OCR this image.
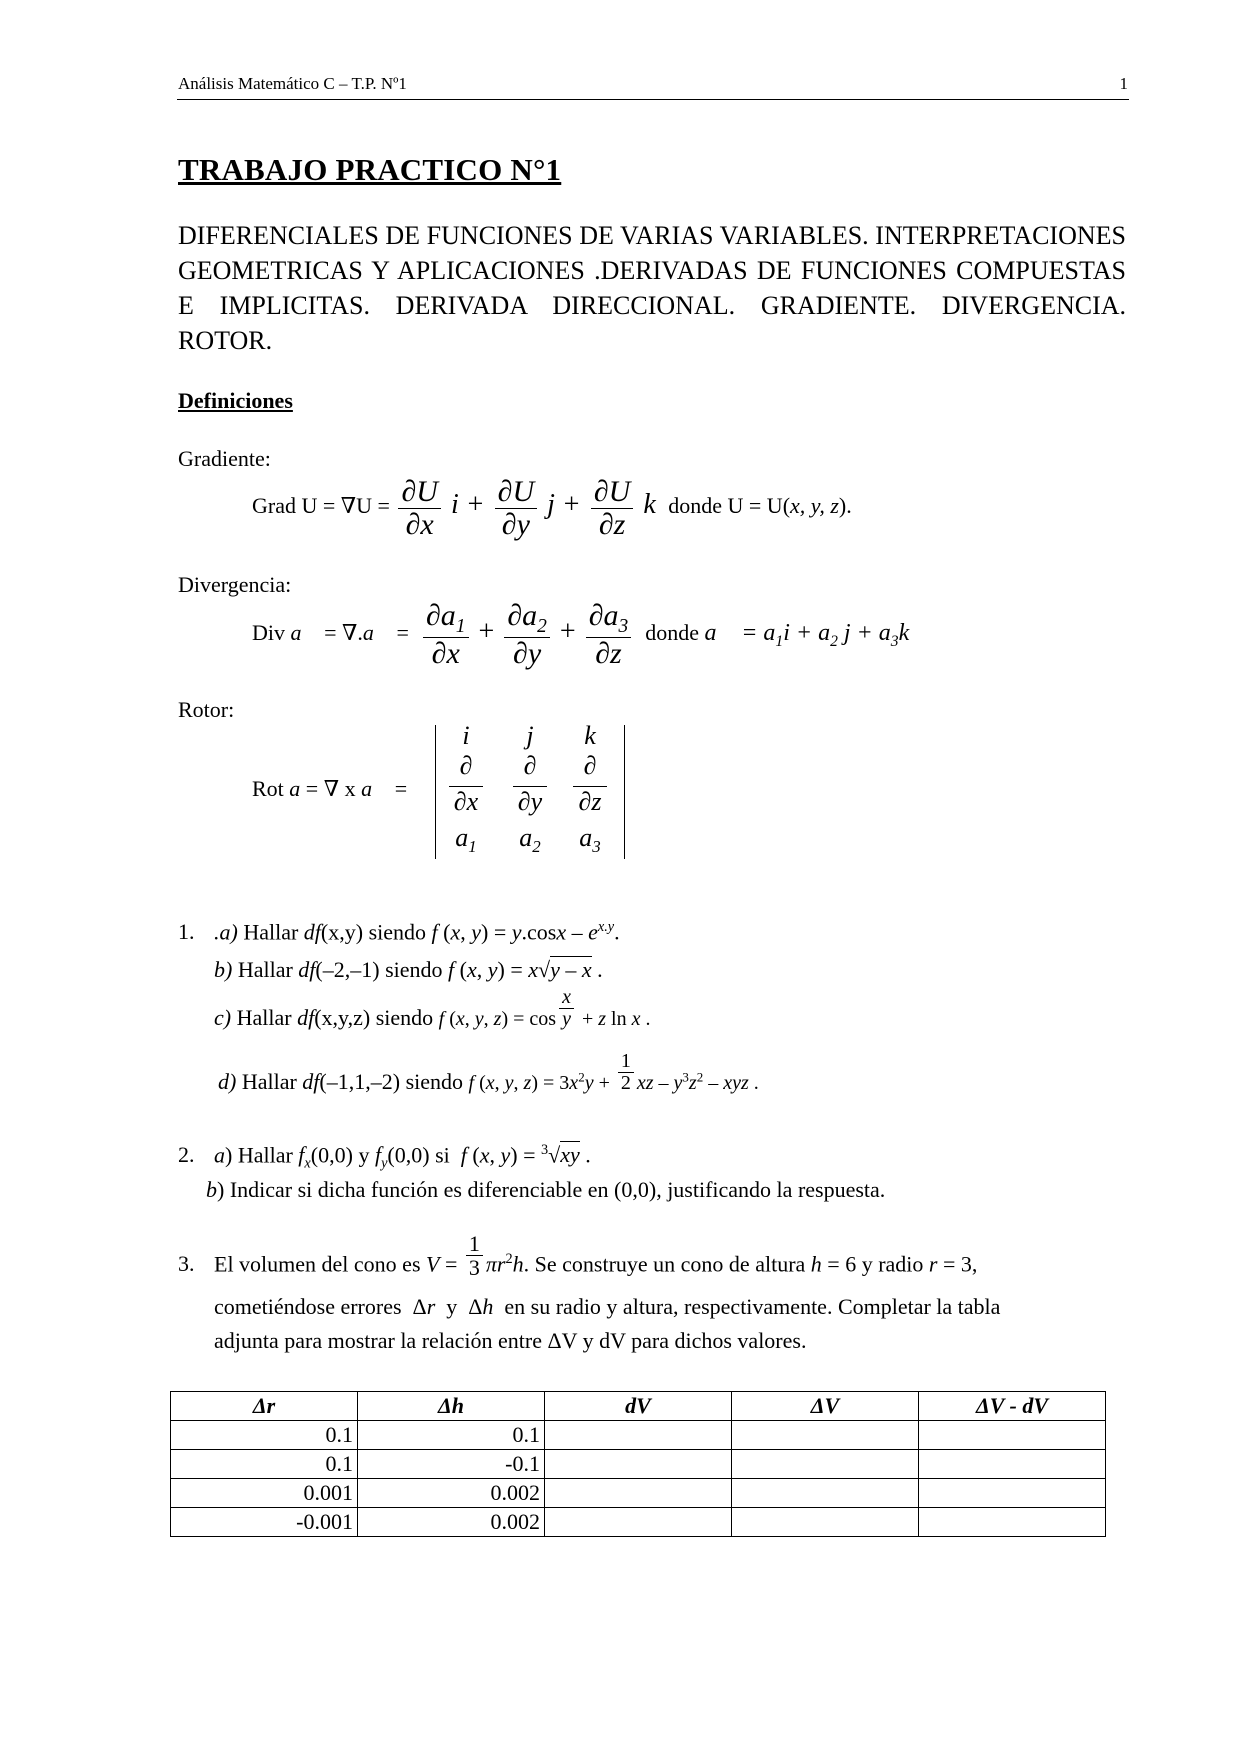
Análisis Matemático C – T.P. Nº1	1
TRABAJO PRACTICO N°1
DIFERENCIALES DE FUNCIONES DE VARIAS VARIABLES. INTERPRETACIONES GEOMETRICAS Y APLICACIONES .DERIVADAS DE FUNCIONES COMPUESTAS E IMPLICITAS. DERIVADA DIRECCIONAL. GRADIENTE. DIVERGENCIA. ROTOR.
Definiciones
Gradiente:
Grad $U = \nabla U = \frac{\partial U}{\partial x}$ $i + \frac{\partial U}{\partial y}$ $j + \frac{\partial U}{\partial z}$ k  donde U = U(x, y, z).
Divergencia:
Div a⃗ = ∇.a⃗ = $\frac{\partial a_1}{\partial x} + \frac{\partial a_2}{\partial y} + \frac{\partial a_3}{\partial z}$ donde a⃗ = $a_1i + a_2$ $j + a_3k$
Rotor:
Rot a = ∇ x a⃗ =
i	j	k
∂	∂	∂
∂x	∂y	∂z
$a_1$	$a_2$	$a_3$
1. .a) Hallar df(x,y) siendo f (x, $y) = y.\cos x - e^{x.y}$.
b) Hallar df(–2,–1) siendo f (x, y) = x√y – x .
c) Hallar df(x,y,z) siendo f (x, y, $z) = \cos \frac{x}{y} + z$ ln x .
d) Hallar df(–1,1,–2) siendo f (x, y, $z) = 3x^2y + \frac{1}{2}$ xz – $y^3z^2$ – xyz .
2. a) Hallar $f_x(0,0)$ y $f_y(0,0)$ si f (x, y) = $^3$√xy .
b) Indicar si dicha función es diferenciable en (0,0), justificando la respuesta.
3. El volumen del cono es $V = \frac{1}{3} \pi r^2h$. Se construye un cono de altura h = 6 y radio r = 3,
cometiéndose errores  Δr y  Δh en su radio y altura, respectivamente. Completar la tabla
adjunta para mostrar la relación entre ΔV y dV para dichos valores.
Δr	Δh	dV	ΔV	ΔV - dV
0.1	0.1			
0.1	-0.1			
0.001	0.002			
-0.001	0.002			
